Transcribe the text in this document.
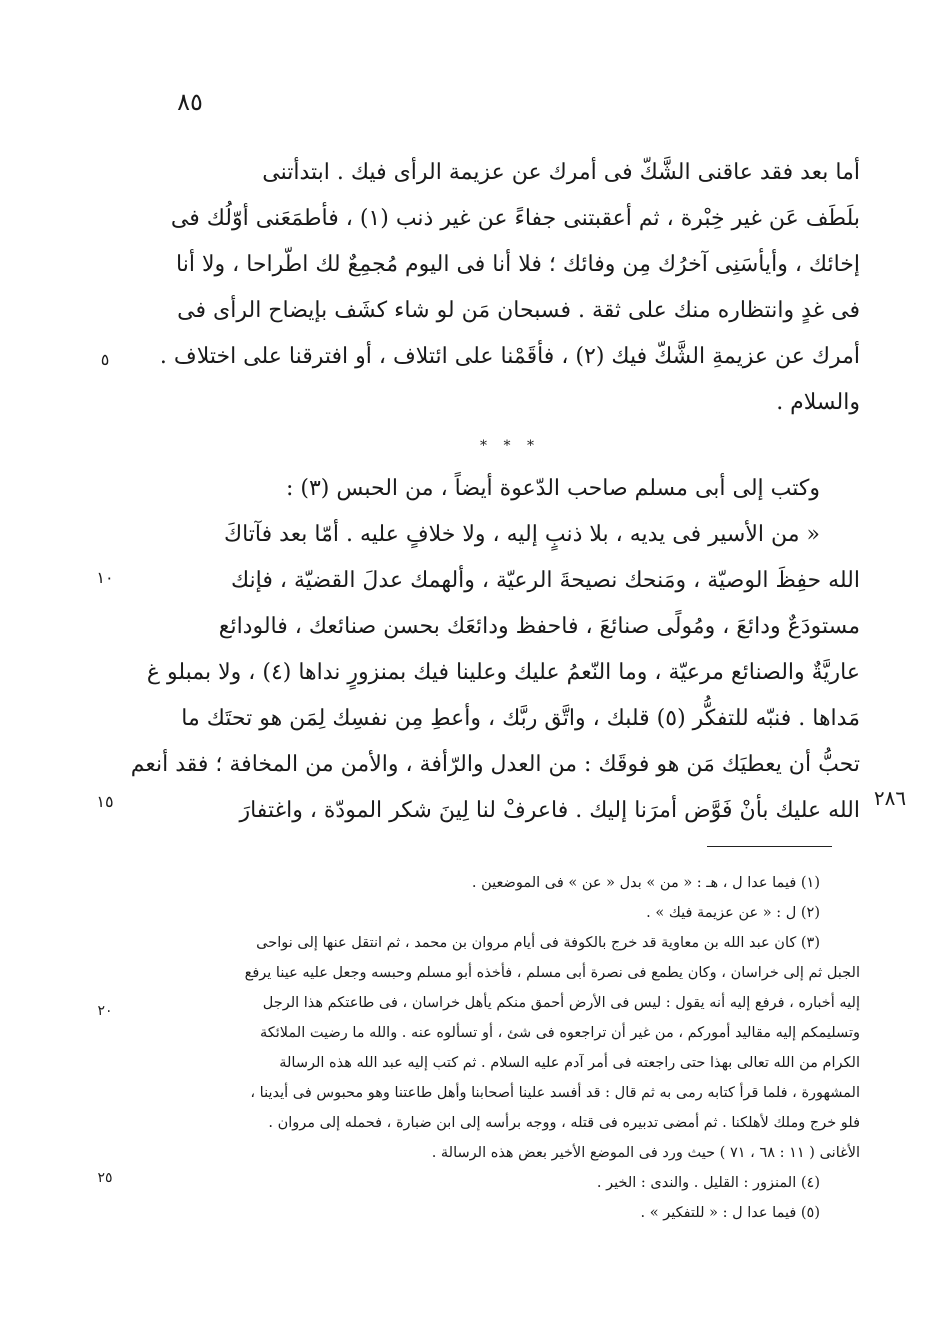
٨٥
أما بعد فقد عاقنى الشَّكّ فى أمرك عن عزيمة الرأى فيك . ابتدأتنى
بلَطَف عَن غير خِبْرة ، ثم أعقبتنى جفاءً عن غير ذنب (١) ، فأطمَعَنى أوّلُك فى
إخائك ، وأيأسَنِى آخرُك مِن وفائك ؛ فلا أنا فى اليوم مُجمِعٌ لك اطّراحا ، ولا أنا
فى غدٍ وانتظاره منك على ثقة . فسبحان مَن لو شاء كشَف بإيضاح الرأى فى
أمرك عن عزيمةِ الشَّكّ فيك (٢) ، فأقَمْنا على ائتلاف ، أو افترقنا على اختلاف .
والسلام .
* * *
وكتب إلى أبى مسلم صاحب الدّعوة أيضاً ، من الحبس (٣) :
« من الأسير فى يديه ، بلا ذنبٍ إليه ، ولا خلافٍ عليه . أمّا بعد فآتاكَ
الله حفِظَ الوصيّة ، ومَنحك نصيحةَ الرعيّة ، وألهمك عدلَ القضيّة ، فإنك
مستودَعٌ ودائعَ ، ومُولًى صنائعَ ، فاحفظ ودائعَك بحسن صنائعك ، فالودائع
عاريَّةٌ والصنائع مرعيّة ، وما النّعمُ عليك وعلينا فيك بمنزورٍ نداها (٤) ، ولا بمبلو غ
مَداها . فنبّه للتفكُّر (٥) قلبك ، واتَّق ربَّك ، وأعطِ مِن نفسِك لِمَن هو تحتَك ما
تحبُّ أن يعطيَك مَن هو فوقَك : من العدل والرّأفة ، والأمن من المخافة ؛ فقد أنعم
الله عليك بأنْ فَوَّض أمرَنا إليك . فاعرفْ لنا لِينَ شكر المودّة ، واغتفارَ
٥
١٠
١٥	٢٨٦
(١) فيما عدا ل ، هـ : « من » بدل « عن » فى الموضعين .
(٢) ل : « عن عزيمة فيك » .
(٣) كان عبد الله بن معاوية قد خرج بالكوفة فى أيام مروان بن محمد ، ثم انتقل عنها إلى نواحى
الجبل ثم إلى خراسان ، وكان يطمع فى نصرة أبى مسلم ، فأخذه أبو مسلم وحبسه وجعل عليه عينا يرفع
إليه أخباره ، فرفع إليه أنه يقول : ليس فى الأرض أحمق منكم يأهل خراسان ، فى طاعتكم هذا الرجل
وتسليمكم إليه مقاليد أموركم ، من غير أن تراجعوه فى شئ ، أو تسألوه عنه . والله ما رضيت الملائكة
الكرام من الله تعالى بهذا حتى راجعته فى أمر آدم عليه السلام . ثم كتب إليه عبد الله هذه الرسالة
المشهورة ، فلما قرأ كتابه رمى به ثم قال : قد أفسد علينا أصحابنا وأهل طاعتنا وهو محبوس فى أيدينا ،
فلو خرج وملك لأهلكنا . ثم أمضى تدبيره فى قتله ، ووجه برأسه إلى ابن ضبارة ، فحمله إلى مروان .
الأغانى ( ١١ : ٦٨ ، ٧١ ) حيث ورد فى الموضع الأخير بعض هذه الرسالة .
(٤) المنزور : القليل . والندى : الخير .
(٥) فيما عدا ل : « للتفكير » .
٢٠
٢٥
